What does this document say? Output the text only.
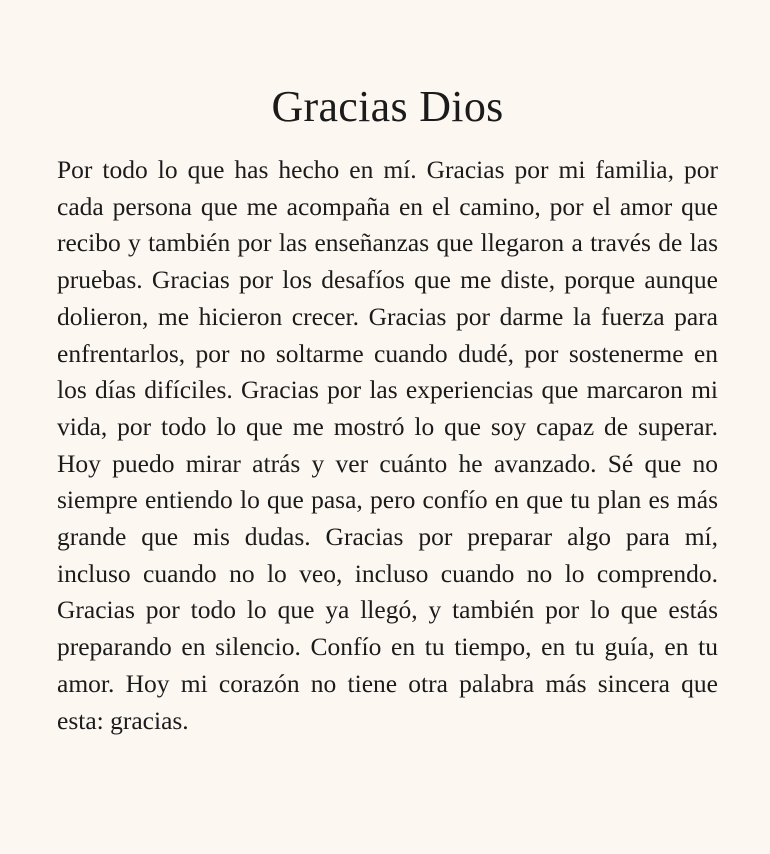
Gracias Dios

Por todo lo que has hecho en mí. Gracias por mi familia, por cada persona que me acompaña en el camino, por el amor que recibo y también por las enseñanzas que llegaron a través de las pruebas. Gracias por los desafíos que me diste, porque aunque dolieron, me hicieron crecer. Gracias por darme la fuerza para enfrentarlos, por no soltarme cuando dudé, por sostenerme en los días difíciles. Gracias por las experiencias que marcaron mi vida, por todo lo que me mostró lo que soy capaz de superar. Hoy puedo mirar atrás y ver cuánto he avanzado. Sé que no siempre entiendo lo que pasa, pero confío en que tu plan es más grande que mis dudas. Gracias por preparar algo para mí, incluso cuando no lo veo, incluso cuando no lo comprendo. Gracias por todo lo que ya llegó, y también por lo que estás preparando en silencio. Confío en tu tiempo, en tu guía, en tu amor. Hoy mi corazón no tiene otra palabra más sincera que esta: gracias.
